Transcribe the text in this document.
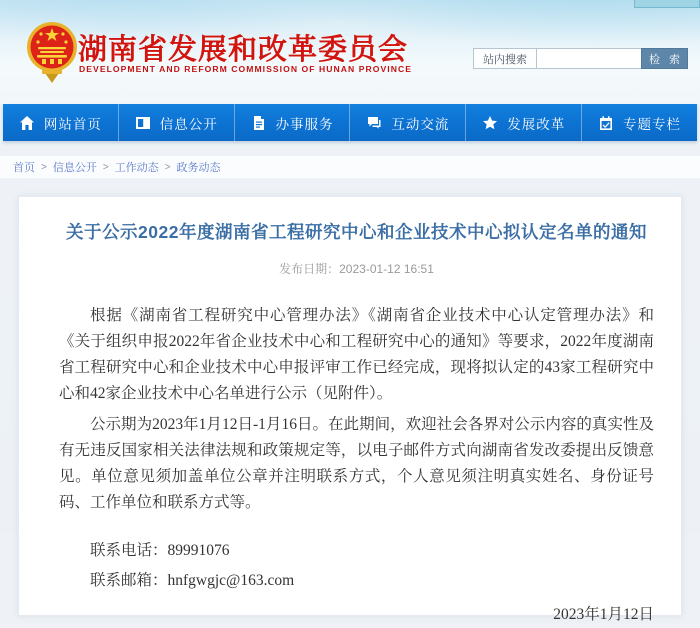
湖南省发展和改革委员会
DEVELOPMENT AND REFORM COMMISSION OF HUNAN PROVINCE
站内搜索	检 索
网站首页	信息公开	办事服务	互动交流	发展改革	专题专栏
首页 > 信息公开 > 工作动态 > 政务动态
关于公示2022年度湖南省工程研究中心和企业技术中心拟认定名单的通知
发布日期：2023-01-12 16:51

根据《湖南省工程研究中心管理办法》《湖南省企业技术中心认定管理办法》和《关于组织申报2022年省企业技术中心和工程研究中心的通知》等要求，2022年度湖南省工程研究中心和企业技术中心申报评审工作已经完成，现将拟认定的43家工程研究中心和42家企业技术中心名单进行公示（见附件）。

公示期为2023年1月12日-1月16日。在此期间，欢迎社会各界对公示内容的真实性及有无违反国家相关法律法规和政策规定等，以电子邮件方式向湖南省发改委提出反馈意见。单位意见须加盖单位公章并注明联系方式，个人意见须注明真实姓名、身份证号码、工作单位和联系方式等。

联系电话：89991076

联系邮箱：hnfgwgjc@163.com

2023年1月12日
